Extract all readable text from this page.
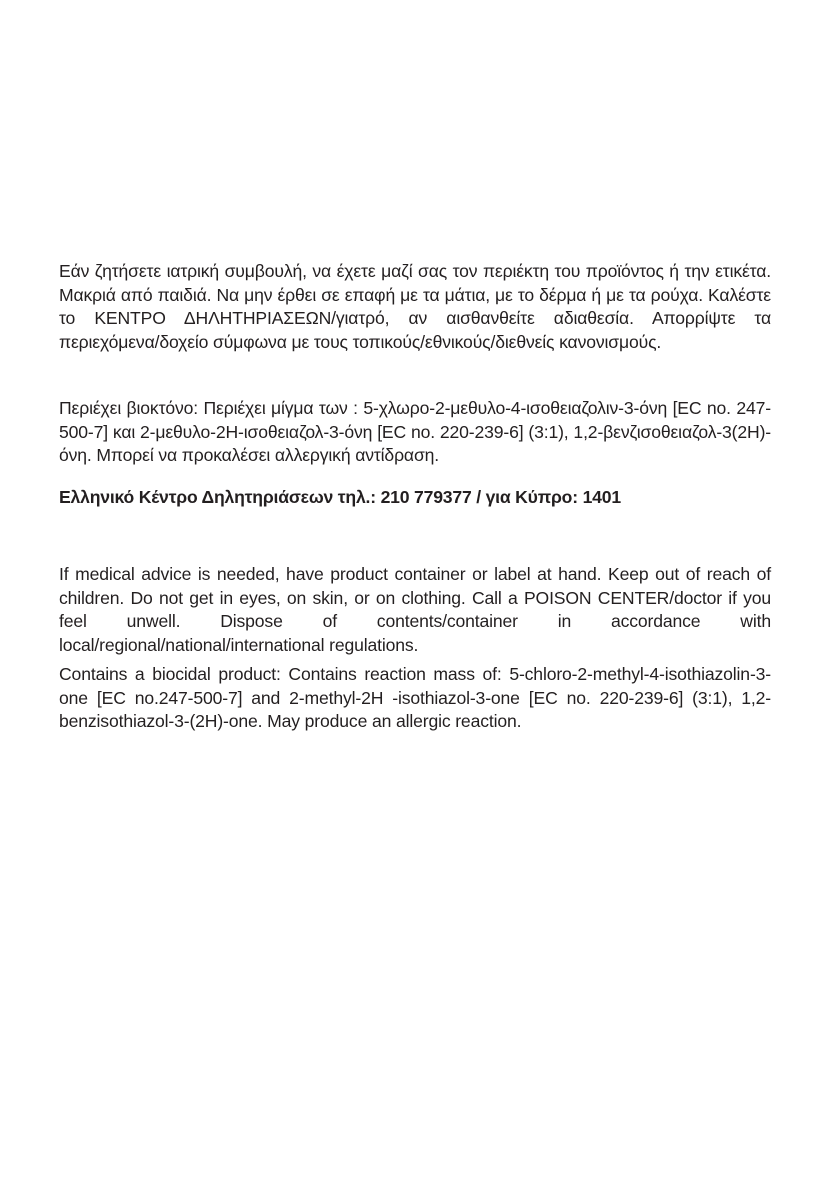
Εάν ζητήσετε ιατρική συμβουλή, να έχετε μαζί σας τον περιέκτη του προϊόντος ή την ετικέτα. Μακριά από παιδιά. Να μην έρθει σε επαφή με τα μάτια, με το δέρμα ή με τα ρούχα. Καλέστε το ΚΕΝΤΡΟ ΔΗΛΗΤΗΡΙΑΣΕΩΝ/γιατρό, αν αισθανθείτε αδιαθεσία. Απορρίψτε τα περιεχόμενα/δοχείο σύμφωνα με τους τοπικούς/εθνικούς/διεθνείς κανονισμούς.

Περιέχει βιοκτόνο: Περιέχει μίγμα των : 5-χλωρο-2-μεθυλο-4-ισοθειαζολιν-3-όνη [EC no. 247-500-7] και 2-μεθυλο-2Η-ισοθειαζολ-3-όνη [EC no. 220-239-6] (3:1), 1,2-βενζισοθειαζολ-3(2Η)-όνη. Μπορεί να προκαλέσει αλλεργική αντίδραση.

Ελληνικό Κέντρο Δηλητηριάσεων τηλ.: 210 779377 / για Κύπρο: 1401

If medical advice is needed, have product container or label at hand. Keep out of reach of children. Do not get in eyes, on skin, or on clothing. Call a POISON CENTER/doctor if you feel unwell. Dispose of contents/container in accordance with local/regional/national/international regulations.

Contains a biocidal product: Contains reaction mass of: 5-chloro-2-methyl-4-isothiazolin-3-one [EC no.247-500-7] and 2-methyl-2H -isothiazol-3-one [EC no. 220-239-6] (3:1), 1,2-benzisothiazol-3-(2H)-one. May produce an allergic reaction.
